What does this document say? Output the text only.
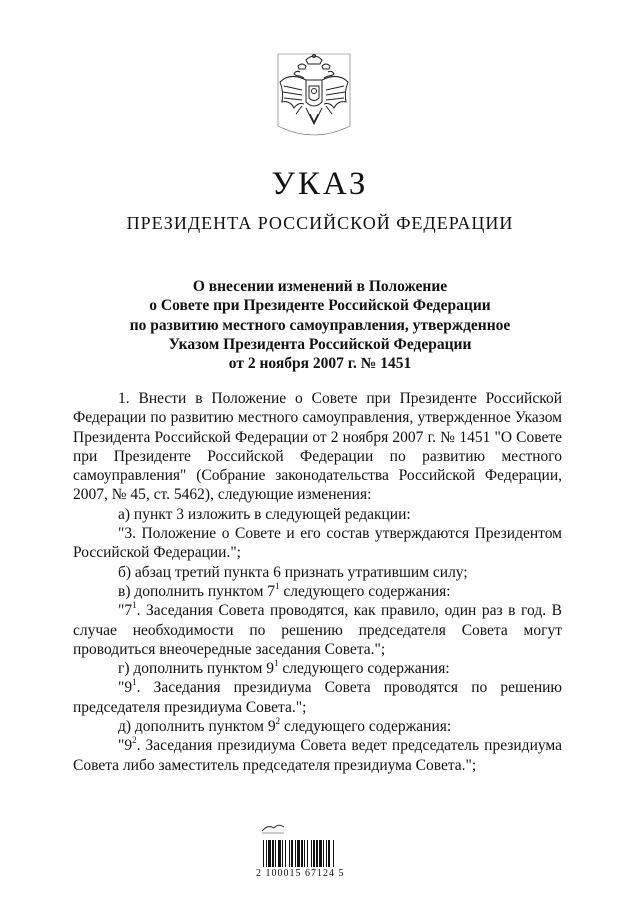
УКАЗ
ПРЕЗИДЕНТА РОССИЙСКОЙ ФЕДЕРАЦИИ
О внесении изменений в Положение
о Совете при Президенте Российской Федерации
по развитию местного самоуправления, утвержденное
Указом Президента Российской Федерации
от 2 ноября 2007 г. № 1451

1. Внести в Положение о Совете при Президенте Российской Федерации по развитию местного самоуправления, утвержденное Указом Президента Российской Федерации от 2 ноября 2007 г. № 1451 "О Совете при Президенте Российской Федерации по развитию местного самоуправления" (Собрание законодательства Российской Федерации, 2007, № 45, ст. 5462), следующие изменения:

а) пункт 3 изложить в следующей редакции:

"3. Положение о Совете и его состав утверждаются Президентом Российской Федерации.";

б) абзац третий пункта 6 признать утратившим силу;

в) дополнить пунктом $7^1$ следующего содержания:

"$7^1$. Заседания Совета проводятся, как правило, один раз в год. В случае необходимости по решению председателя Совета могут проводиться внеочередные заседания Совета.";

г) дополнить пунктом $9^1$ следующего содержания:

"$9^1$. Заседания президиума Совета проводятся по решению председателя президиума Совета.";

д) дополнить пунктом $9^2$ следующего содержания:

"$9^2$. Заседания президиума Совета ведет председатель президиума Совета либо заместитель председателя президиума Совета.";

2 100015 67124 5
